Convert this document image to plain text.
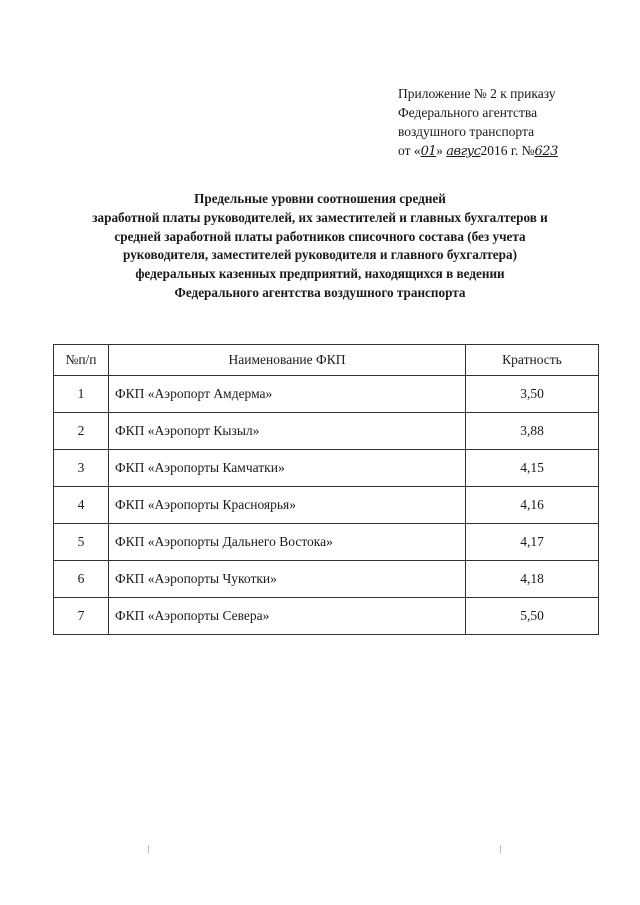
Приложение № 2 к приказу
Федерального агентства
воздушного транспорта
от «01» авгус2016 г. №623
Предельные уровни соотношения средней
заработной платы руководителей, их заместителей и главных бухгалтеров и
средней заработной платы работников списочного состава (без учета
руководителя, заместителей руководителя и главного бухгалтера)
федеральных казенных предприятий, находящихся в ведении
Федерального агентства воздушного транспорта
№п/п	Наименование ФКП	Кратность
1	ФКП «Аэропорт Амдерма»	3,50
2	ФКП «Аэропорт Кызыл»	3,88
3	ФКП «Аэропорты Камчатки»	4,15
4	ФКП «Аэропорты Красноярья»	4,16
5	ФКП «Аэропорты Дальнего Востока»	4,17
6	ФКП «Аэропорты Чукотки»	4,18
7	ФКП «Аэропорты Севера»	5,50
